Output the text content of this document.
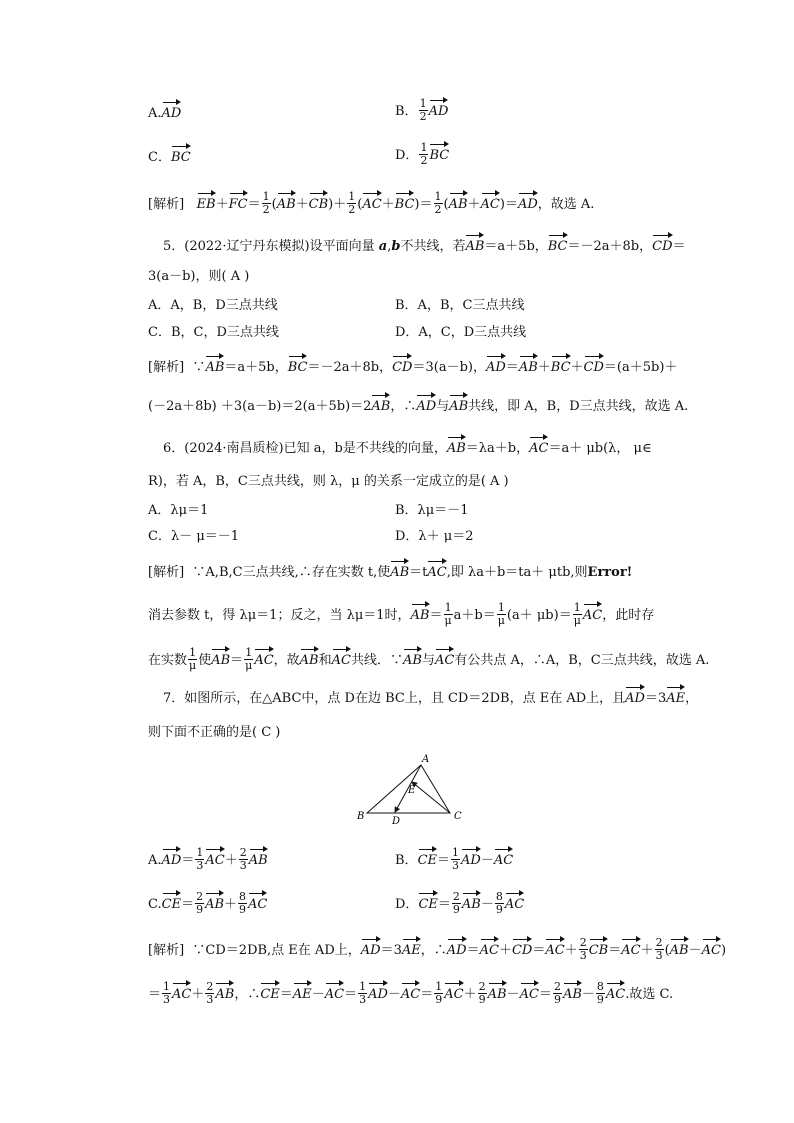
A.AD	B． $\frac{1}{2}$ AD
C．BC	D． $\frac{1}{2}$ BC
[解析] $EB+FC= \frac{1}{2} (AB+CB)+ \frac{1}{2} (AC+BC)= \frac{1}{2} (AB+AC)=AD$，故选 A.
5．(2022·辽宁丹东模拟)设平面向量 a,b不共线，若AB＝a＋5b，BC＝－2a＋8b，CD＝
3(a－b)，则( A )
A．A，B，D三点共线	B．A，B，C三点共线
C．B，C，D三点共线	D．A，C，D三点共线
[解析] ∵AB＝a＋5b，BC＝－2a＋8b，CD＝3(a－b)，AD＝AB＋BC＋CD＝(a＋5b)＋
(－2a＋8b) ＋3(a－b)＝2(a＋5b)＝2AB，∴AD与AB共线，即 A，B，D三点共线，故选 A.
6．(2024·南昌质检)已知 a，b是不共线的向量，AB＝λa＋b，AC＝a＋ μb(λ， μ∈
R)，若 A，B，C三点共线，则 λ，μ 的关系一定成立的是( A )
A．λμ＝1	B．λμ＝－1
C．λ－ μ＝－1	D．λ＋ μ＝2
[解析] ∵A,B,C三点共线,∴存在实数 t,使AB＝tAC,即 λa＋b＝ta＋ μtb,则Error!
消去参数 t，得 λμ＝1；反之，当 λμ＝1时，$AB= \frac{1}{\mu} a+b= \frac{1}{\mu} (a+ \mu b)= \frac{1}{\mu}$ AC，此时存
在实数 $\frac{1}{\mu}$ 使$AB= \frac{1}{\mu}$ AC，故AB和AC共线．∵AB与AC有公共点 A，∴A，B，C三点共线，故选 A.
7．如图所示，在△ABC中，点 D在边 BC上，且 CD＝2DB，点 E在 AD上，且AD＝3AE，
则下面不正确的是( C )
A
B	C
D
E
$A.AD= \frac{1}{3} AC+ \frac{2}{3}$ AB	B．$CE= \frac{1}{3} AD-AC$
$C.CE= \frac{2}{9} AB+ \frac{8}{9}$ AC	D．$CE= \frac{2}{9} AB- \frac{8}{9}$ AC
[解析] ∵CD＝2DB,点 E在 AD上，AD＝3AE，∴AD＝AC＋CD＝AC＋ $\frac{2}{3} CB=AC+ \frac{2}{3} (AB-AC)$
＝ $\frac{1}{3} AC+ \frac{2}{3}$ AB，∴CE＝AE－AC＝ $\frac{1}{3} AD-AC= \frac{1}{9} AC+ \frac{2}{9} AB-AC= \frac{2}{9} AB- \frac{8}{9}$ AC.故选 C.
